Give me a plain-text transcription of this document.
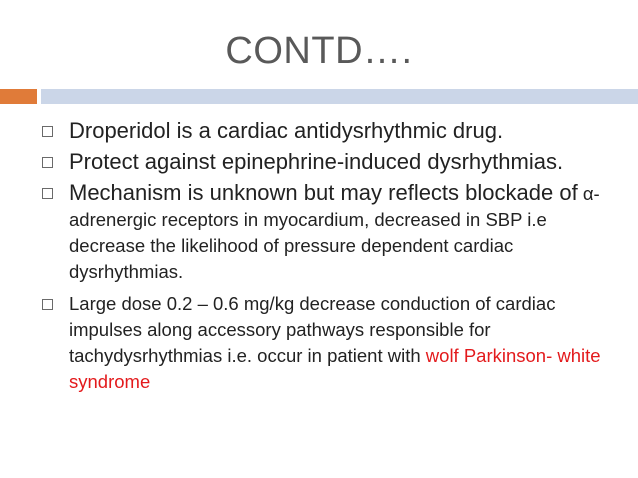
CONTD….
Droperidol is a cardiac antidysrhythmic drug.
Protect against epinephrine-induced dysrhythmias.
Mechanism is unknown but may reflects blockade of α-adrenergic receptors in myocardium, decreased in SBP i.e decrease the likelihood of pressure dependent cardiac dysrhythmias.
Large dose 0.2 – 0.6 mg/kg decrease conduction of cardiac impulses along accessory pathways responsible for tachydysrhythmias i.e. occur in patient with wolf Parkinson- white syndrome
